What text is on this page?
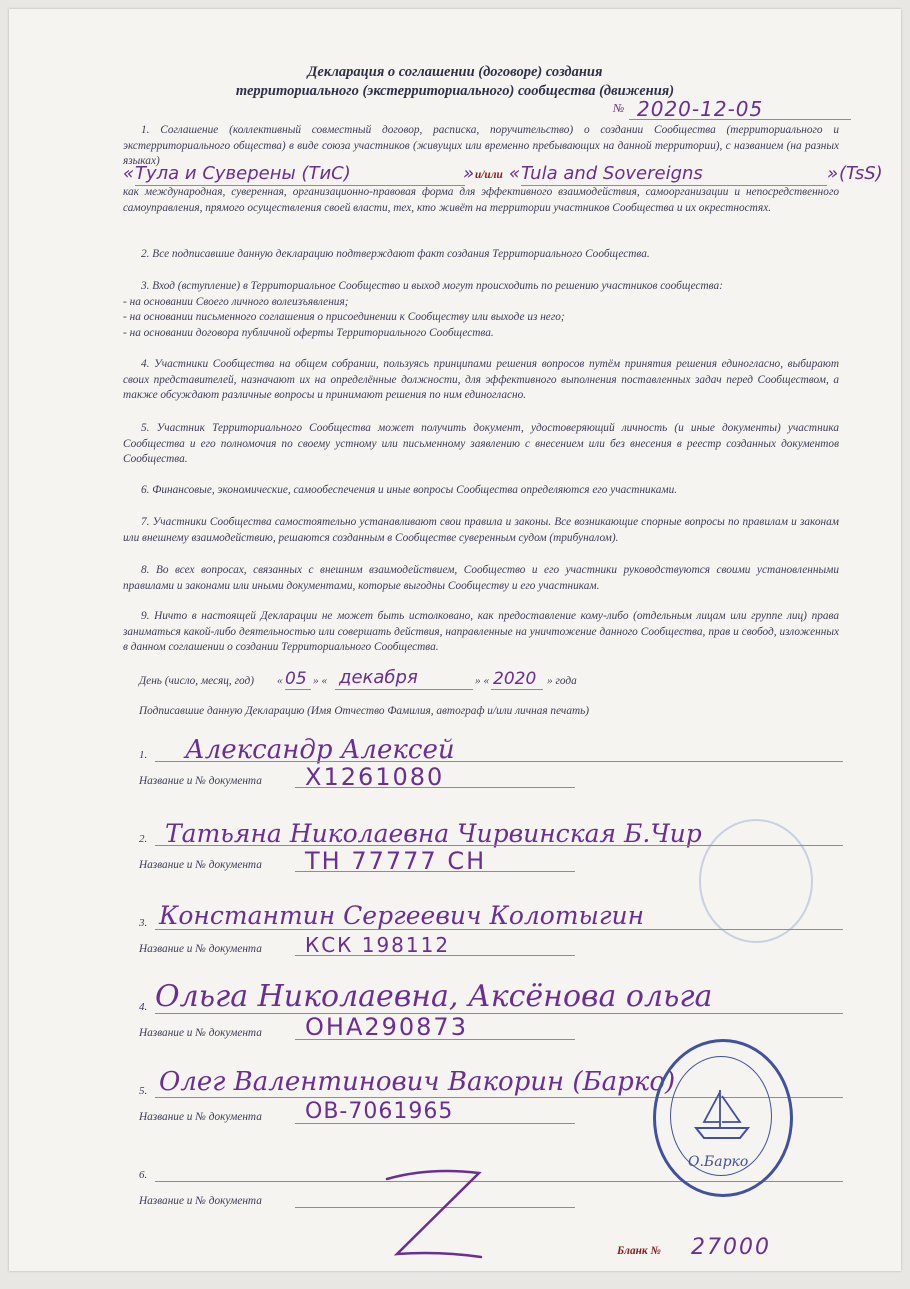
Декларация о соглашении (договоре) создания
территориального (экстерриториального) сообщества (движения)
№ 2020-12-05

1. Соглашение (коллективный совместный договор, расписка, поручительство) о создании Сообщества (территориального и экстерриториального общества) в виде союза участников (живущих или временно пребывающих на данной территории), с названием (на разных языках)

« Тула и Суверены (ТиС)	» и/или « Tula and Sovereigns	» (TsS)

как международная, суверенная, организационно-правовая форма для эффективного взаимодействия, самоорганизации и непосредственного самоуправления, прямого осуществления своей власти, тех, кто живёт на территории участников Сообщества и их окрестностях.

2. Все подписавшие данную декларацию подтверждают факт создания Территориального Сообщества.

3. Вход (вступление) в Территориальное Сообщество и выход могут происходить по решению участников сообщества:

- на основании Своего личного волеизъявления;

- на основании письменного соглашения о присоединении к Сообществу или выходе из него;

- на основании договора публичной оферты Территориального Сообщества.

4. Участники Сообщества на общем собрании, пользуясь принципами решения вопросов путём принятия решения единогласно, выбирают своих представителей, назначают их на определённые должности, для эффективного выполнения поставленных задач перед Сообществом, а также обсуждают различные вопросы и принимают решения по ним единогласно.

5. Участник Территориального Сообщества может получить документ, удостоверяющий личность (и иные документы) участника Сообщества и его полномочия по своему устному или письменному заявлению с внесением или без внесения в реестр созданных документов Сообщества.

6. Финансовые, экономические, самообеспечения и иные вопросы Сообщества определяются его участниками.

7. Участники Сообщества самостоятельно устанавливают свои правила и законы. Все возникающие спорные вопросы по правилам и законам или внешнему взаимодействию, решаются созданным в Сообществе суверенным судом (трибуналом).

8. Во всех вопросах, связанных с внешним взаимодействием, Сообщество и его участники руководствуются своими установленными правилами и законами или иными документами, которые выгодны Сообществу и его участникам.

9. Ничто в настоящей Декларации не может быть истолковано, как предоставление кому-либо (отдельным лицам или группе лиц) права заниматься какой-либо деятельностью или совершать действия, направленные на уничтожение данного Сообщества, прав и свобод, изложенных в данном соглашении о создании Территориального Сообщества.

День (число, месяц, год) « 05 » « декабря	» « 2020 » года
Подписавшие данную Декларацию (Имя Отчество Фамилия, автограф и/или личная печать)
1. Александр Алексей
Название и № документа Х1261080
2. Татьяна Николаевна Чирвинская Б.Чир
Название и № документа ТН 77777 СН
3. Константин Сергеевич Колотыгин
Название и № документа КСК 198112
4. Ольга Николаевна, Аксёнова ольга
Название и № документа ОНА290873
5. Олег Валентинович Вакорин (Барко)
Название и № документа ОВ-7061965
6.
Название и № документа
О.Барко
Бланк № 27000
